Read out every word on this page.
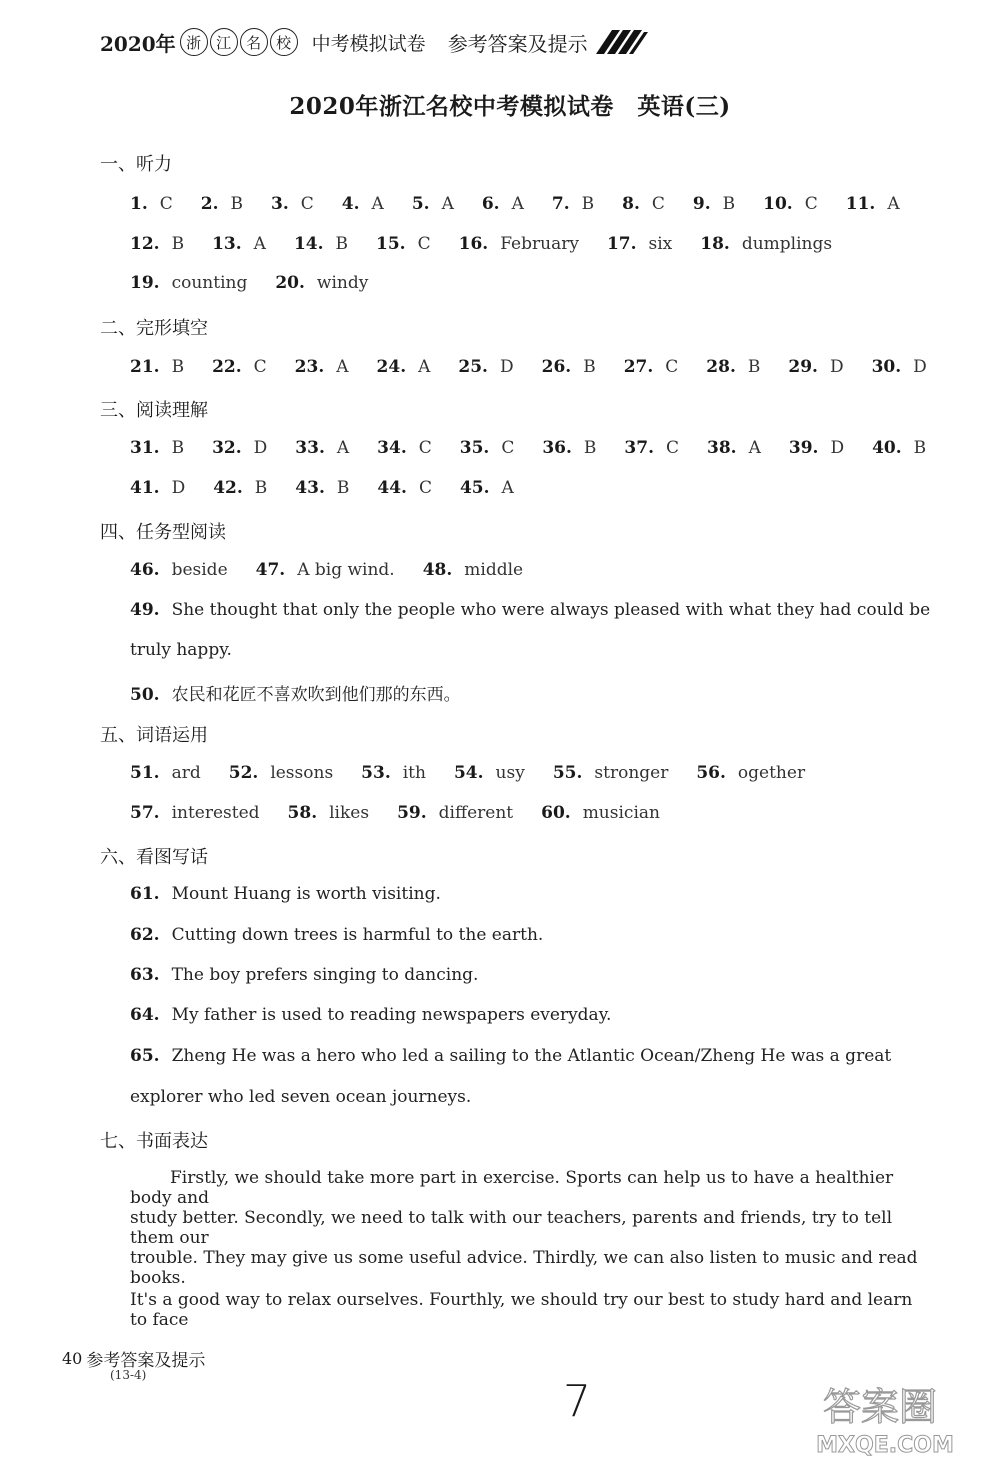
2020年 浙 江 名 校	中考模拟试卷 参考答案及提示
2020年浙江名校中考模拟试卷　英语(三)
一、听力
1. C 2. B 3. C 4. A 5. A 6. A 7. B 8. C 9. B 10. C 11. A
12. B 13. A 14. B 15. C 16. February 17. six 18. dumplings
19. counting 20. windy
二、完形填空
21. B 22. C 23. A 24. A 25. D 26. B 27. C 28. B 29. D 30. D
三、阅读理解
31. B 32. D 33. A 34. C 35. C 36. B 37. C 38. A 39. D 40. B
41. D 42. B 43. B 44. C 45. A
四、任务型阅读
46. beside 47. A big wind. 48. middle
49. She thought that only the people who were always pleased with what they had could be
truly happy.
50. 农民和花匠不喜欢吹到他们那的东西。
五、词语运用
51. ard 52. lessons 53. ith 54. usy 55. stronger 56. ogether
57. interested 58. likes 59. different 60. musician
六、看图写话
61. Mount Huang is worth visiting.
62. Cutting down trees is harmful to the earth.
63. The boy prefers singing to dancing.
64. My father is used to reading newspapers everyday.
65. Zheng He was a hero who led a sailing to the Atlantic Ocean/Zheng He was a great
explorer who led seven ocean journeys.
七、书面表达
Firstly, we should take more part in exercise. Sports can help us to have a healthier body and
study better. Secondly, we need to talk with our teachers, parents and friends, try to tell them our
trouble. They may give us some useful advice. Thirdly, we can also listen to music and read books.
It's a good way to relax ourselves. Fourthly, we should try our best to study hard and learn to face
40 参考答案及提示
(13-4)
7	答案圈
MXQE.COM
